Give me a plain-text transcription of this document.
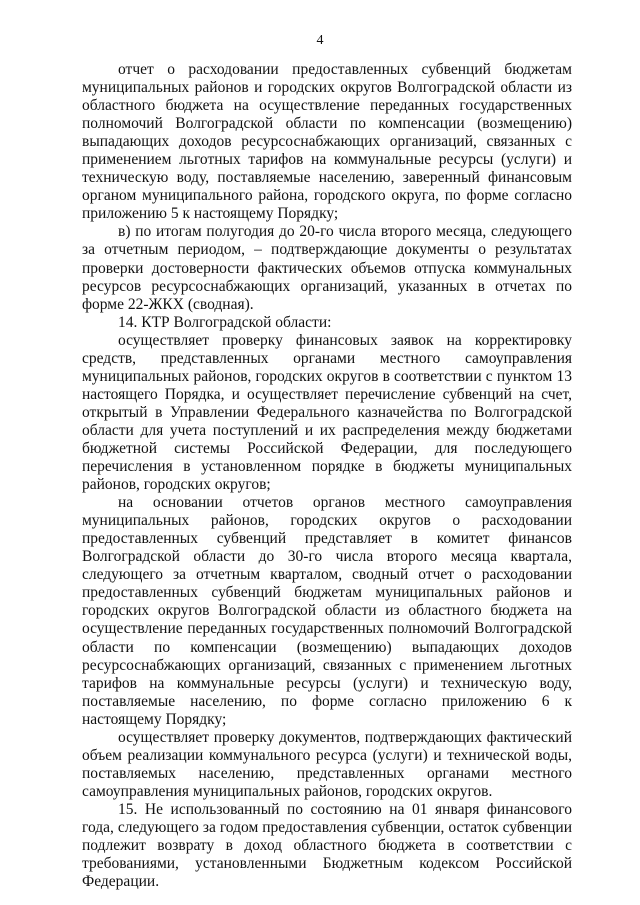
4

отчет о расходовании предоставленных субвенций бюджетам муниципальных районов и городских округов Волгоградской области из областного бюджета на осуществление переданных государственных полномочий Волгоградской области по компенсации (возмещению) выпадающих доходов ресурсоснабжающих организаций, связанных с применением льготных тарифов на коммунальные ресурсы (услуги) и техническую воду, поставляемые населению, заверенный финансовым органом муниципального района, городского округа, по форме согласно приложению 5 к настоящему Порядку;

в) по итогам полугодия до 20-го числа второго месяца, следующего за отчетным периодом, – подтверждающие документы о результатах проверки достоверности фактических объемов отпуска коммунальных ресурсов ресурсоснабжающих организаций, указанных в отчетах по форме 22-ЖКХ (сводная).

14. КТР Волгоградской области:

осуществляет проверку финансовых заявок на корректировку средств, представленных органами местного самоуправления муниципальных районов, городских округов в соответствии с пунктом 13 настоящего Порядка, и осуществляет перечисление субвенций на счет, открытый в Управлении Федерального казначейства по Волгоградской области для учета поступлений и их распределения между бюджетами бюджетной системы Российской Федерации, для последующего перечисления в установленном порядке в бюджеты муниципальных районов, городских округов;

на основании отчетов органов местного самоуправления муниципальных районов, городских округов о расходовании предоставленных субвенций представляет в комитет финансов Волгоградской области до 30-го числа второго месяца квартала, следующего за отчетным кварталом, сводный отчет о расходовании предоставленных субвенций бюджетам муниципальных районов и городских округов Волгоградской области из областного бюджета на осуществление переданных государственных полномочий Волгоградской области по компенсации (возмещению) выпадающих доходов ресурсоснабжающих организаций, связанных с применением льготных тарифов на коммунальные ресурсы (услуги) и техническую воду, поставляемые населению, по форме согласно приложению 6 к настоящему Порядку;

осуществляет проверку документов, подтверждающих фактический объем реализации коммунального ресурса (услуги) и технической воды, поставляемых населению, представленных органами местного самоуправления муниципальных районов, городских округов.

15. Не использованный по состоянию на 01 января финансового года, следующего за годом предоставления субвенции, остаток субвенции подлежит возврату в доход областного бюджета в соответствии с требованиями, установленными Бюджетным кодексом Российской Федерации.
